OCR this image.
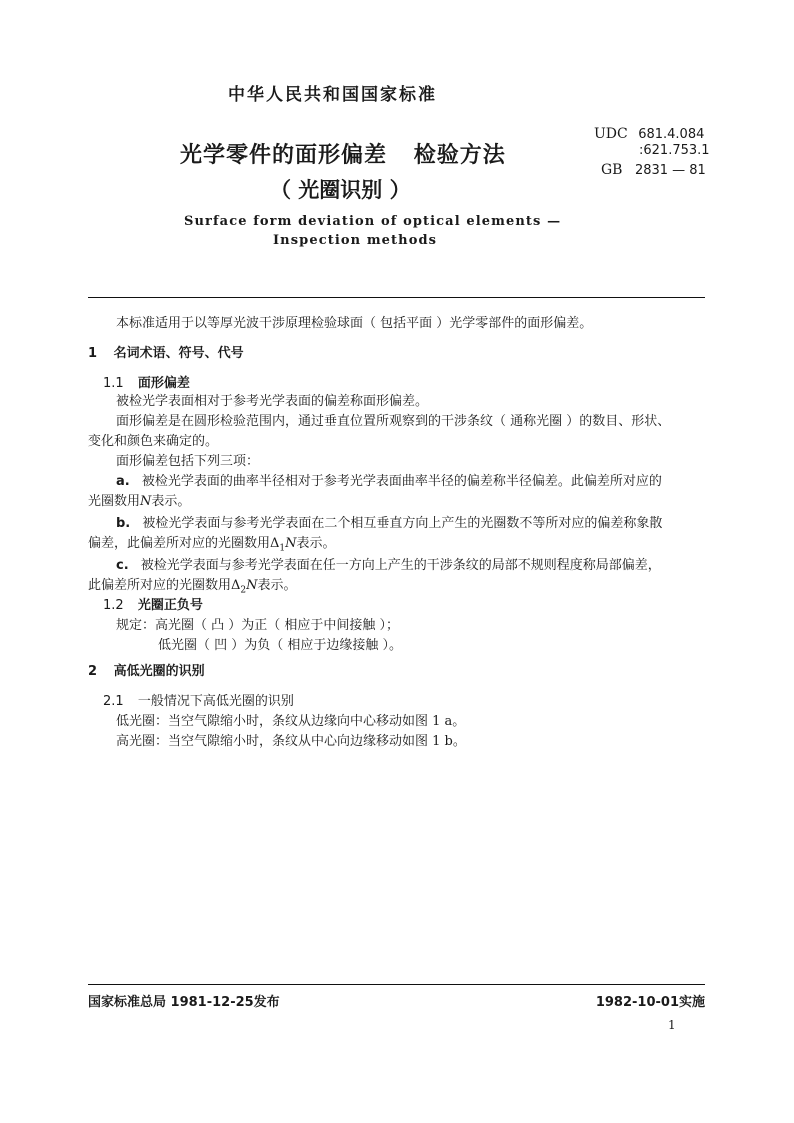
中华人民共和国国家标准
光学零件的面形偏差 检验方法
（ 光圈识别 ）
Surface form deviation of optical elements —
Inspection methods
UDC 681.4.084
:621.753.1
GB 2831 — 81
本标准适用于以等厚光波干涉原理检验球面（ 包括平面 ）光学零部件的面形偏差。
1 名词术语、符号、代号
1.1 面形偏差
被检光学表面相对于参考光学表面的偏差称面形偏差。
面形偏差是在圆形检验范围内，通过垂直位置所观察到的干涉条纹（ 通称光圈 ）的数目、形状、
变化和颜色来确定的。
面形偏差包括下列三项：
a. 被检光学表面的曲率半径相对于参考光学表面曲率半径的偏差称半径偏差。此偏差所对应的
光圈数用N表示。
b. 被检光学表面与参考光学表面在二个相互垂直方向上产生的光圈数不等所对应的偏差称象散
偏差，此偏差所对应的光圈数用$\Delta_1N$表示。
c. 被检光学表面与参考光学表面在任一方向上产生的干涉条纹的局部不规则程度称局部偏差，
此偏差所对应的光圈数用$\Delta_2N$表示。
1.2 光圈正负号
规定：高光圈（ 凸 ）为正（ 相应于中间接触 ）；
低光圈（ 凹 ）为负（ 相应于边缘接触 ）。
2 高低光圈的识别
2.1 一般情况下高低光圈的识别
低光圈：当空气隙缩小时，条纹从边缘向中心移动如图 1 a。
高光圈：当空气隙缩小时，条纹从中心向边缘移动如图 1 b。
国家标准总局 1981-12-25发布	1982-10-01实施
1
